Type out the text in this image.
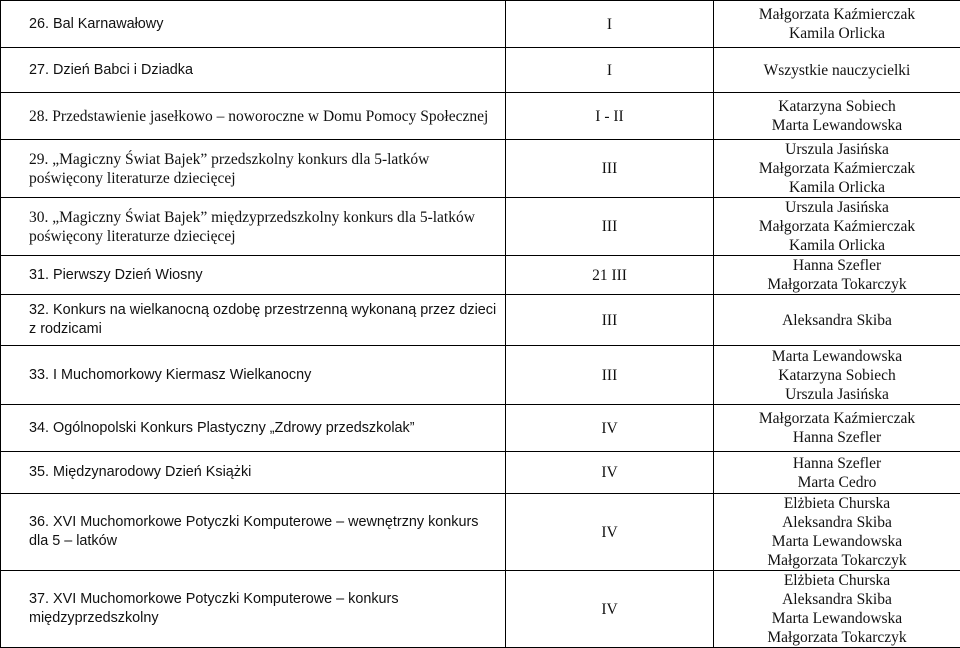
26. Bal Karnawałowy	I	Małgorzata Kaźmierczak
Kamila Orlicka

27. Dzień Babci i Dziadka	I	Wszystkie nauczycielki

28. Przedstawienie jasełkowo – noworoczne w Domu Pomocy Społecznej	I - II	Katarzyna Sobiech
Marta Lewandowska

29. „Magiczny Świat Bajek” przedszkolny konkurs dla 5-latków poświęcony literaturze dziecięcej	III	Urszula Jasińska
Małgorzata Kaźmierczak
Kamila Orlicka

30. „Magiczny Świat Bajek” międzyprzedszkolny konkurs dla 5-latków poświęcony literaturze dziecięcej	III	Urszula Jasińska
Małgorzata Kaźmierczak
Kamila Orlicka

31. Pierwszy Dzień Wiosny	21 III	Hanna Szefler
Małgorzata Tokarczyk

32. Konkurs na wielkanocną ozdobę przestrzenną wykonaną przez dzieci z rodzicami	III	Aleksandra Skiba

33. I Muchomorkowy Kiermasz Wielkanocny	III	Marta Lewandowska
Katarzyna Sobiech
Urszula Jasińska

34. Ogólnopolski Konkurs Plastyczny „Zdrowy przedszkolak”	IV	Małgorzata Kaźmierczak
Hanna Szefler

35. Międzynarodowy Dzień Książki	IV	Hanna Szefler
Marta Cedro

36. XVI Muchomorkowe Potyczki Komputerowe – wewnętrzny konkurs dla 5 – latków	IV	Elżbieta Churska
Aleksandra Skiba
Marta Lewandowska
Małgorzata Tokarczyk

37. XVI Muchomorkowe Potyczki Komputerowe – konkurs międzyprzedszkolny	IV	Elżbieta Churska
Aleksandra Skiba
Marta Lewandowska
Małgorzata Tokarczyk
